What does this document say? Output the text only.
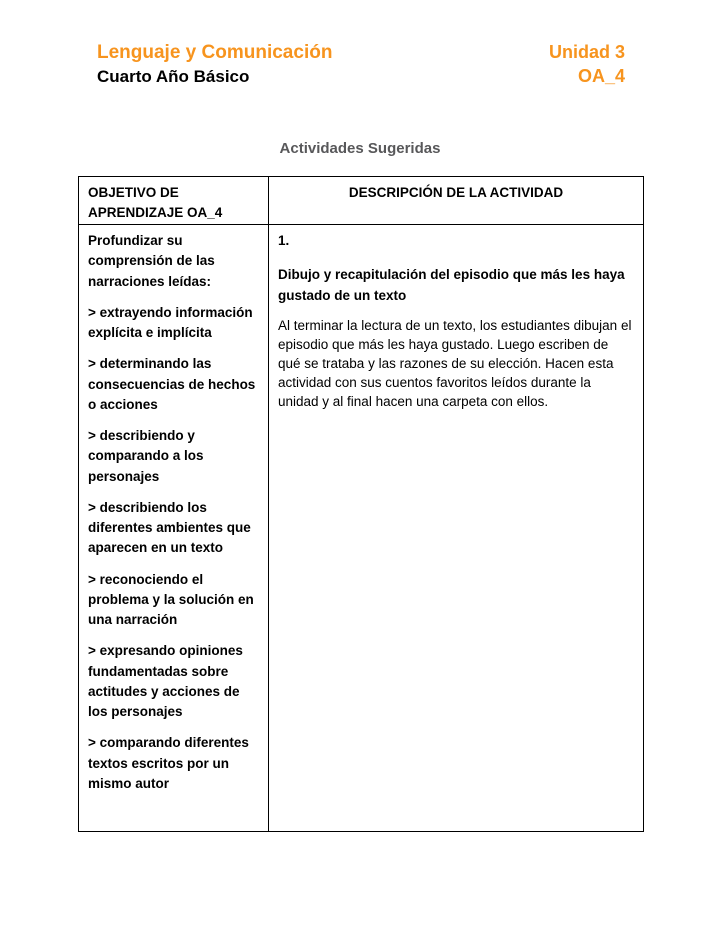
Lenguaje y Comunicación	Unidad 3
Cuarto Año Básico	OA_4
Actividades Sugeridas
OBJETIVO DE APRENDIZAJE OA_4
DESCRIPCIÓN DE LA ACTIVIDAD

Profundizar su comprensión de las narraciones leídas:

> extrayendo información explícita e implícita

> determinando las consecuencias de hechos o acciones

> describiendo y comparando a los personajes

> describiendo los diferentes ambientes que aparecen en un texto

> reconociendo el problema y la solución en una narración

> expresando opiniones fundamentadas sobre actitudes y acciones de los personajes

> comparando diferentes textos escritos por un mismo autor

1.

Dibujo y recapitulación del episodio que más les haya gustado de un texto

Al terminar la lectura de un texto, los estudiantes dibujan el episodio que más les haya gustado. Luego escriben de qué se trataba y las razones de su elección. Hacen esta actividad con sus cuentos favoritos leídos durante la unidad y al final hacen una carpeta con ellos.
